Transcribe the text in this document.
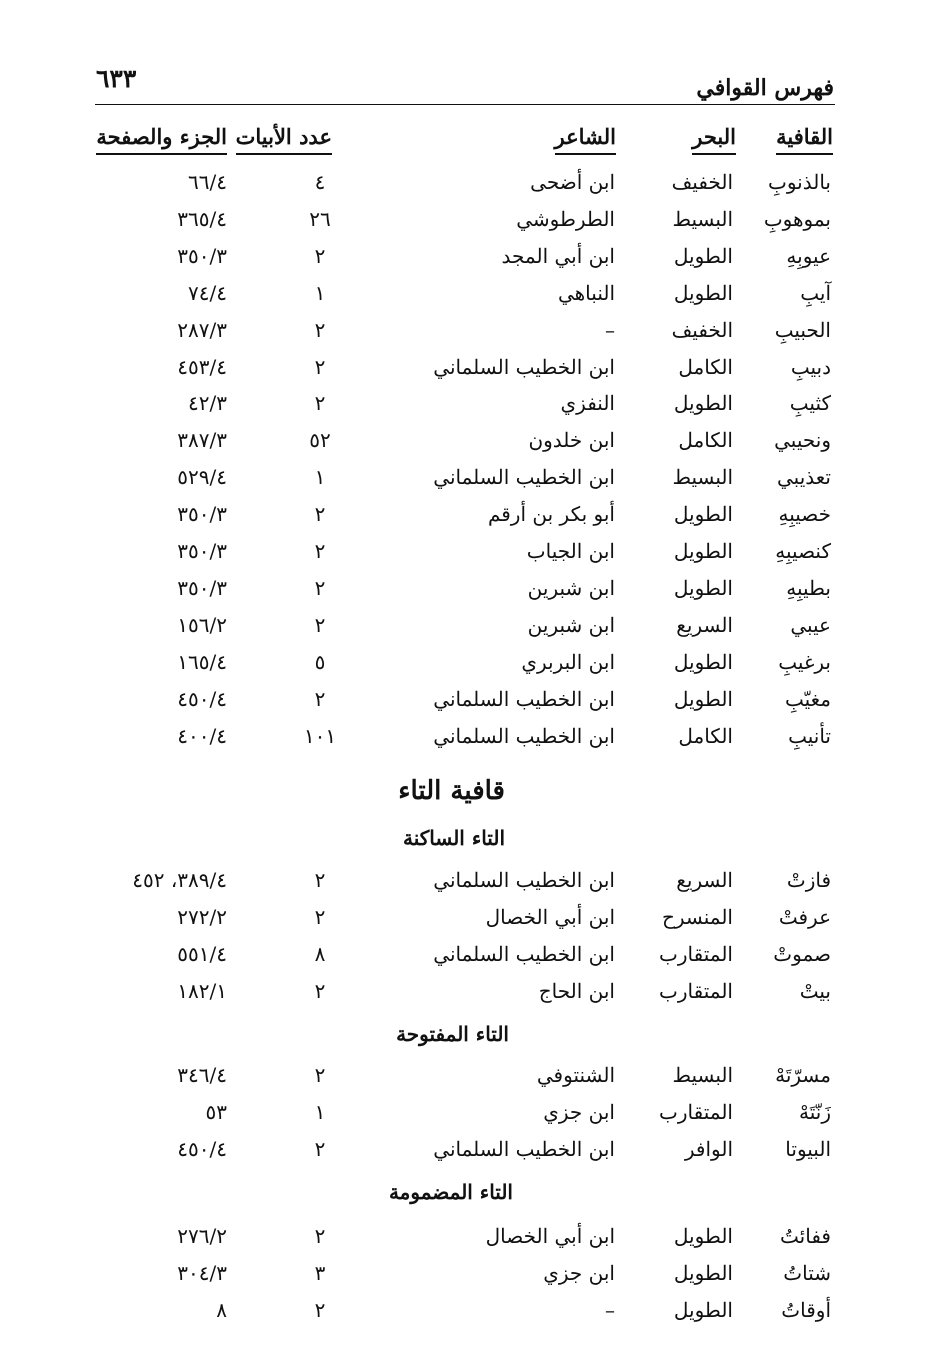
٦٣٣	فهرس القوافي
القافية
البحر
الشاعر
عدد الأبيات
الجزء والصفحة
بالذنوبِ
الخفيف
ابن أضحى
٤
٦٦/٤
بموهوبِ
البسيط
الطرطوشي
٢٦
٣٦٥/٤
عيوبِهِ
الطويل
ابن أبي المجد
٢
٣٥٠/٣
آيبِ
الطويل
النباهي
١
٧٤/٤
الحبيبِ
الخفيف
–
٢
٢٨٧/٣
دبيبِ
الكامل
ابن الخطيب السلماني
٢
٤٥٣/٤
كثيبِ
الطويل
النفزي
٢
٤٢/٣
ونحيبي
الكامل
ابن خلدون
٥٢
٣٨٧/٣
تعذيبي
البسيط
ابن الخطيب السلماني
١
٥٢٩/٤
خصيبِهِ
الطويل
أبو بكر بن أرقم
٢
٣٥٠/٣
كنصيبِهِ
الطويل
ابن الجياب
٢
٣٥٠/٣
بطيبِهِ
الطويل
ابن شبرين
٢
٣٥٠/٣
عيبي
السريع
ابن شبرين
٢
١٥٦/٢
برغيبِ
الطويل
ابن البربري
٥
١٦٥/٤
مغيّبِ
الطويل
ابن الخطيب السلماني
٢
٤٥٠/٤
تأنيبِ
الكامل
ابن الخطيب السلماني
١٠١
٤٠٠/٤
قافية التاء
التاء الساكنة
فازتْ
السريع
ابن الخطيب السلماني
٢
٣٨٩/٤، ٤٥٢
عرفتْ
المنسرح
ابن أبي الخصال
٢
٢٧٢/٢
صموتْ
المتقارب
ابن الخطيب السلماني
٨
٥٥١/٤
بيتْ
المتقارب
ابن الحاج
٢
١٨٢/١
التاء المفتوحة
مسرّتَهْ
البسيط
الشنتوفي
٢
٣٤٦/٤
زَنّتَهْ
المتقارب
ابن جزي
١
٥٣
البيوتا
الوافر
ابن الخطيب السلماني
٢
٤٥٠/٤
التاء المضمومة
ففائتُ
الطويل
ابن أبي الخصال
٢
٢٧٦/٢
شتاتُ
الطويل
ابن جزي
٣
٣٠٤/٣
أوقاتُ
الطويل
–
٢
٨
